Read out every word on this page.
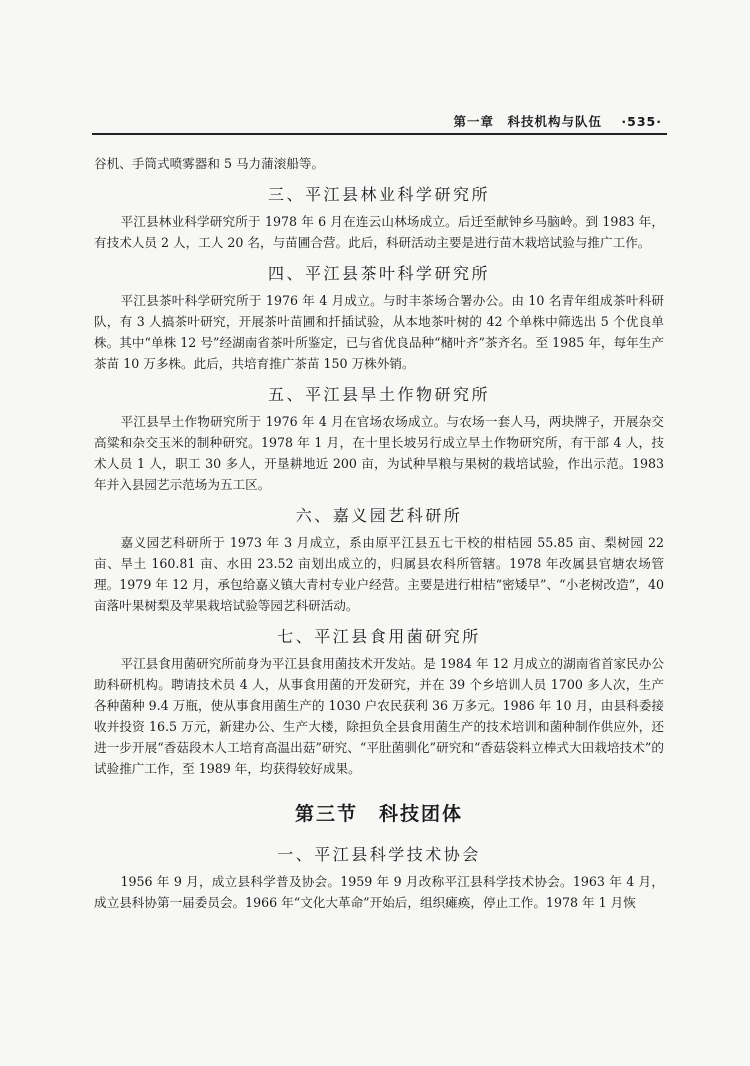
第一章　科技机构与队伍 ·535·

谷机、手筒式喷雾器和 5 马力蒲滚船等。

三、平江县林业科学研究所

平江县林业科学研究所于 1978 年 6 月在连云山林场成立。后迁至献钟乡马脑岭。到 1983 年，有技术人员 2 人，工人 20 名，与苗圃合营。此后，科研活动主要是进行苗木栽培试验与推广工作。

四、平江县茶叶科学研究所

平江县茶叶科学研究所于 1976 年 4 月成立。与时丰茶场合署办公。由 10 名青年组成茶叶科研队，有 3 人搞茶叶研究，开展茶叶苗圃和扦插试验，从本地茶叶树的 42 个单株中筛选出 5 个优良单株。其中“单株 12 号”经湖南省茶叶所鉴定，已与省优良品种“槠叶齐”茶齐名。至 1985 年，每年生产茶苗 10 万多株。此后，共培育推广茶苗 150 万株外销。

五、平江县旱土作物研究所

平江县旱土作物研究所于 1976 年 4 月在官场农场成立。与农场一套人马，两块牌子，开展杂交高粱和杂交玉米的制种研究。1978 年 1 月，在十里长坡另行成立旱土作物研究所，有干部 4 人，技术人员 1 人，职工 30 多人，开垦耕地近 200 亩，为试种旱粮与果树的栽培试验，作出示范。1983 年并入县园艺示范场为五工区。

六、嘉义园艺科研所

嘉义园艺科研所于 1973 年 3 月成立，系由原平江县五七干校的柑桔园 55.85 亩、梨树园 22 亩、旱土 160.81 亩、水田 23.52 亩划出成立的，归属县农科所管辖。1978 年改属县官塘农场管理。1979 年 12 月，承包给嘉义镇大青村专业户经营。主要是进行柑桔“密矮早”、“小老树改造”，40 亩落叶果树梨及苹果栽培试验等园艺科研活动。

七、平江县食用菌研究所

平江县食用菌研究所前身为平江县食用菌技术开发站。是 1984 年 12 月成立的湖南省首家民办公助科研机构。聘请技术员 4 人，从事食用菌的开发研究，并在 39 个乡培训人员 1700 多人次，生产各种菌种 9.4 万瓶，使从事食用菌生产的 1030 户农民获利 36 万多元。1986 年 10 月，由县科委接收并投资 16.5 万元，新建办公、生产大楼，除担负全县食用菌生产的技术培训和菌种制作供应外，还进一步开展“香菇段木人工培育高温出菇”研究、“平肚菌驯化”研究和“香菇袋料立棒式大田栽培技术”的试验推广工作，至 1989 年，均获得较好成果。

第三节　科技团体
一、平江县科学技术协会

1956 年 9 月，成立县科学普及协会。1959 年 9 月改称平江县科学技术协会。1963 年 4 月，成立县科协第一届委员会。1966 年“文化大革命”开始后，组织瘫痪，停止工作。1978 年 1 月恢
